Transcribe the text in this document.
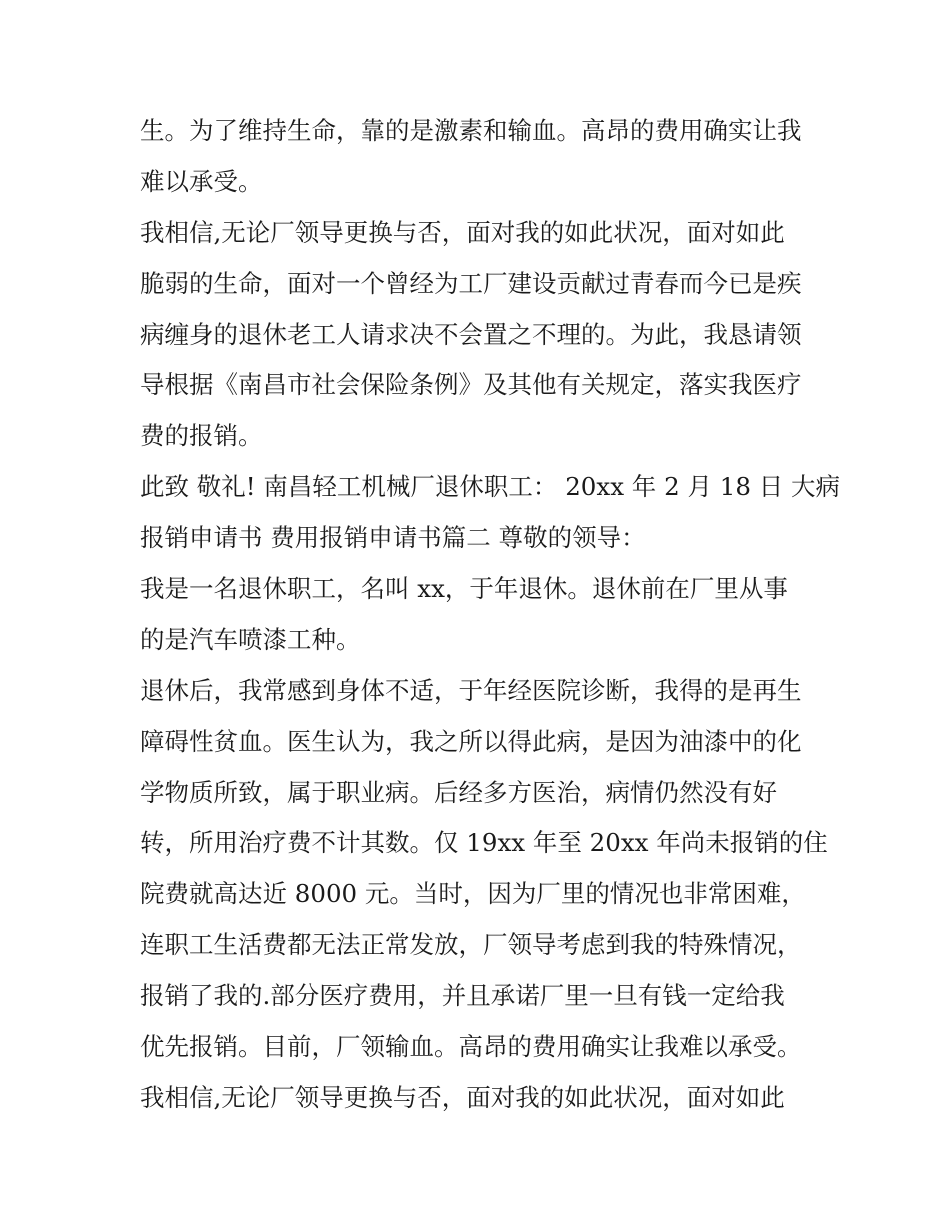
生。为了维持生命，靠的是激素和输血。高昂的费用确实让我
难以承受。
我相信,无论厂领导更换与否，面对我的如此状况，面对如此
脆弱的生命，面对一个曾经为工厂建设贡献过青春而今已是疾
病缠身的退休老工人请求决不会置之不理的。为此，我恳请领
导根据《南昌市社会保险条例》及其他有关规定，落实我医疗
费的报销。
此致 敬礼! 南昌轻工机械厂退休职工： 20xx 年 2 月 18 日 大病
报销申请书 费用报销申请书篇二 尊敬的领导：
我是一名退休职工，名叫 xx，于年退休。退休前在厂里从事
的是汽车喷漆工种。
退休后，我常感到身体不适，于年经医院诊断，我得的是再生
障碍性贫血。医生认为，我之所以得此病，是因为油漆中的化
学物质所致，属于职业病。后经多方医治，病情仍然没有好
转，所用治疗费不计其数。仅 19xx 年至 20xx 年尚未报销的住
院费就高达近 8000 元。当时，因为厂里的情况也非常困难，
连职工生活费都无法正常发放，厂领导考虑到我的特殊情况，
报销了我的.部分医疗费用，并且承诺厂里一旦有钱一定给我
优先报销。目前，厂领输血。高昂的费用确实让我难以承受。
我相信,无论厂领导更换与否，面对我的如此状况，面对如此
